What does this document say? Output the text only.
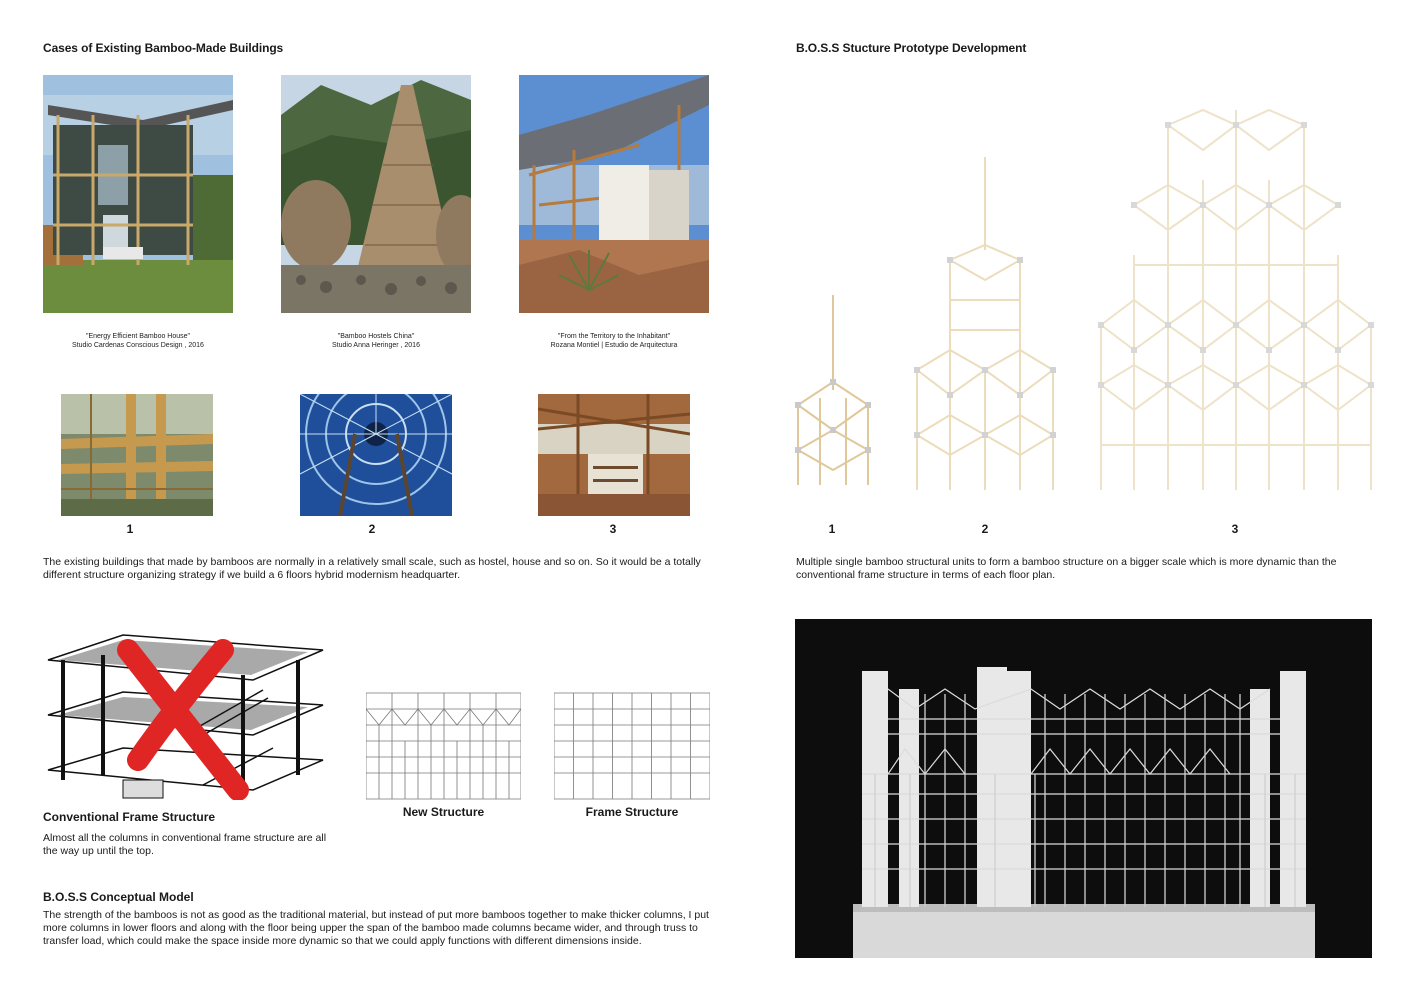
Cases of Existing Bamboo-Made Buildings
"Energy Efficient Bamboo House"
Studio Cardenas Conscious Design , 2016
"Bamboo Hostels China"
Studio Anna Heringer , 2016
"From the Territory to the Inhabitant"
Rozana Montiel | Estudio de Arquitectura
1	2	3
The existing buildings that made by bamboos are normally in a relatively small scale, such as hostel, house and so on. So it would be a totally different structure organizing strategy if we build a 6 floors hybrid modernism headquarter.
New Structure	Frame Structure
Conventional Frame Structure
Almost all the columns in conventional frame structure are all the way up until the top.
B.O.S.S Conceptual Model
The strength of the bamboos is not as good as the traditional material, but instead of put more bamboos together to make thicker columns, I put more columns in lower floors and along with the floor being upper the span of the bamboo made columns became wider, and through truss to transfer load, which could make the space inside more dynamic so that we could apply functions with different dimensions inside.
B.O.S.S Stucture Prototype Development
1	2	3
Multiple single bamboo structural units to form a bamboo structure on a bigger scale which is more dynamic than the conventional frame structure in terms of each floor plan.
